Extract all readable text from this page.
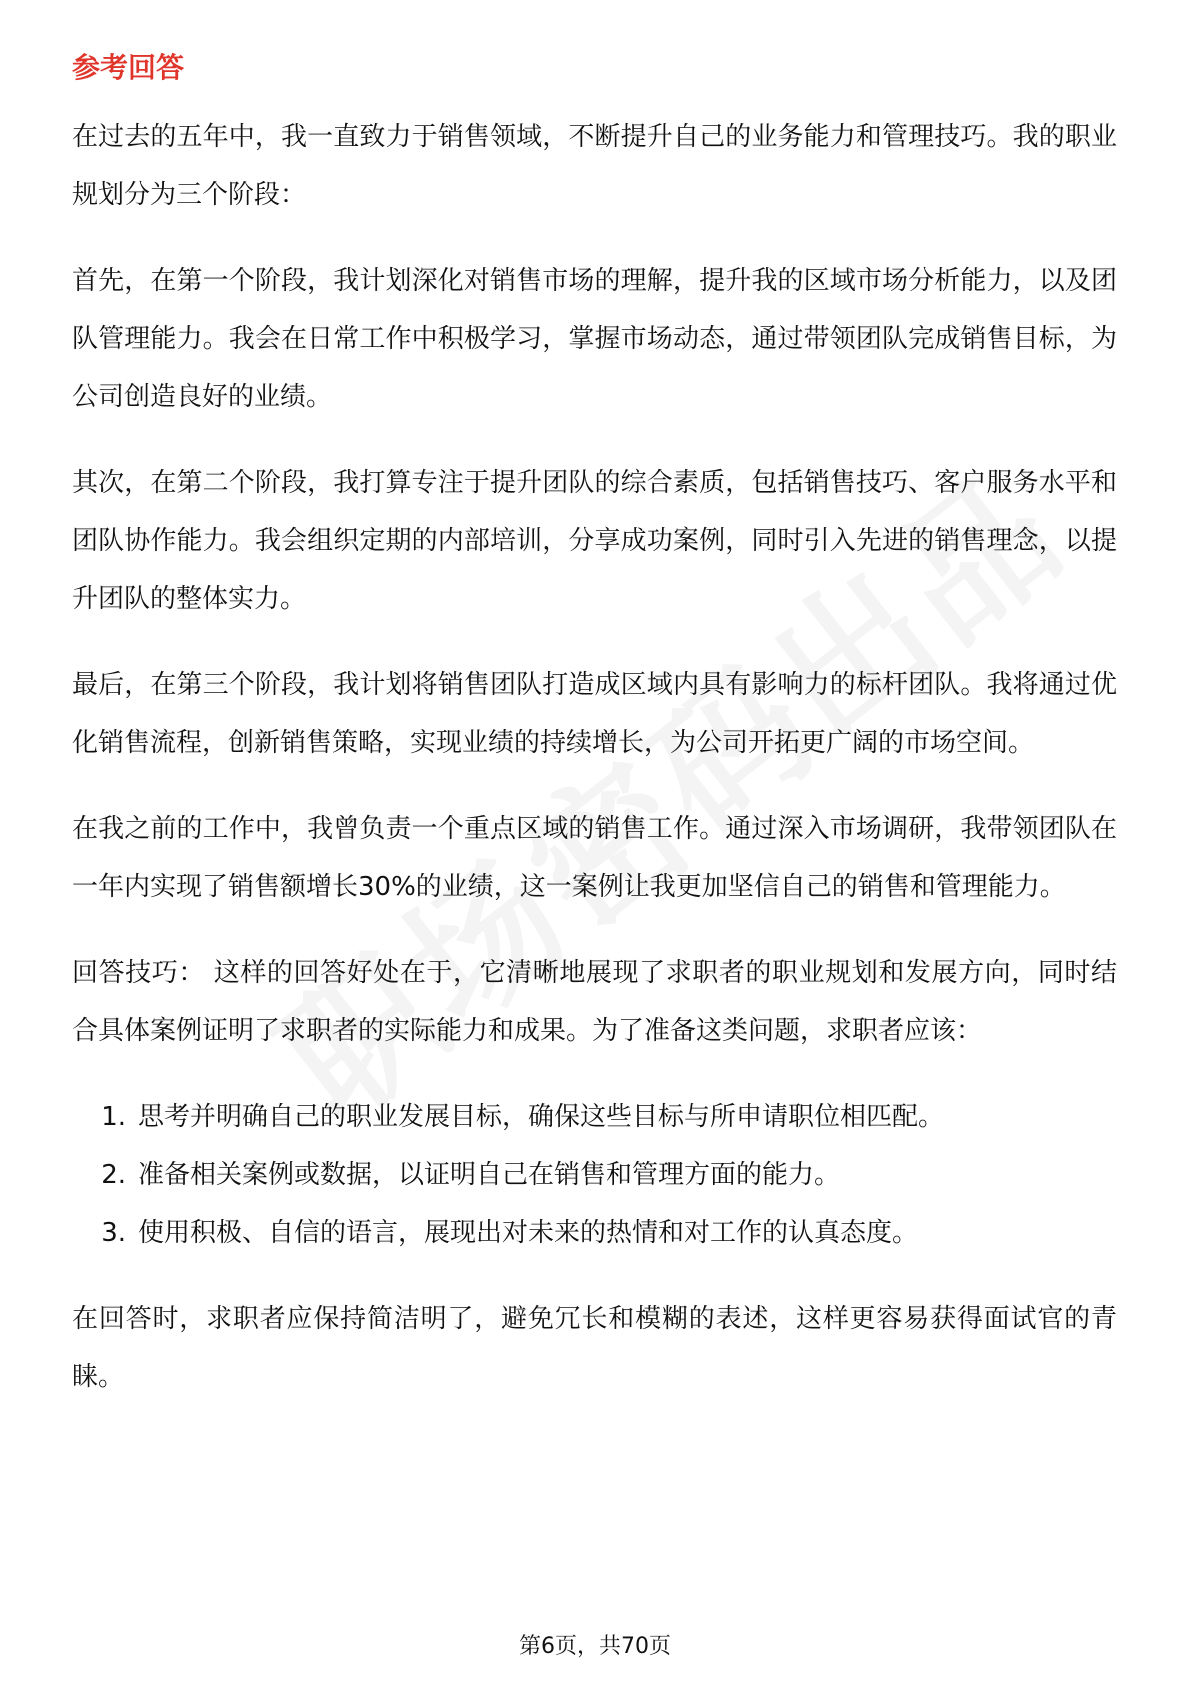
参考回答

在过去的五年中，我一直致力于销售领域，不断提升自己的业务能力和管理技巧。我的职业规划分为三个阶段：

首先，在第一个阶段，我计划深化对销售市场的理解，提升我的区域市场分析能力，以及团队管理能力。我会在日常工作中积极学习，掌握市场动态，通过带领团队完成销售目标，为公司创造良好的业绩。

其次，在第二个阶段，我打算专注于提升团队的综合素质，包括销售技巧、客户服务水平和团队协作能力。我会组织定期的内部培训，分享成功案例，同时引入先进的销售理念，以提升团队的整体实力。

最后，在第三个阶段，我计划将销售团队打造成区域内具有影响力的标杆团队。我将通过优化销售流程，创新销售策略，实现业绩的持续增长，为公司开拓更广阔的市场空间。

在我之前的工作中，我曾负责一个重点区域的销售工作。通过深入市场调研，我带领团队在一年内实现了销售额增长30%的业绩，这一案例让我更加坚信自己的销售和管理能力。

回答技巧： 这样的回答好处在于，它清晰地展现了求职者的职业规划和发展方向，同时结合具体案例证明了求职者的实际能力和成果。为了准备这类问题，求职者应该：

1. 思考并明确自己的职业发展目标，确保这些目标与所申请职位相匹配。
2. 准备相关案例或数据，以证明自己在销售和管理方面的能力。
3. 使用积极、自信的语言，展现出对未来的热情和对工作的认真态度。

在回答时，求职者应保持简洁明了，避免冗长和模糊的表述，这样更容易获得面试官的青睐。

第6页，共70页
